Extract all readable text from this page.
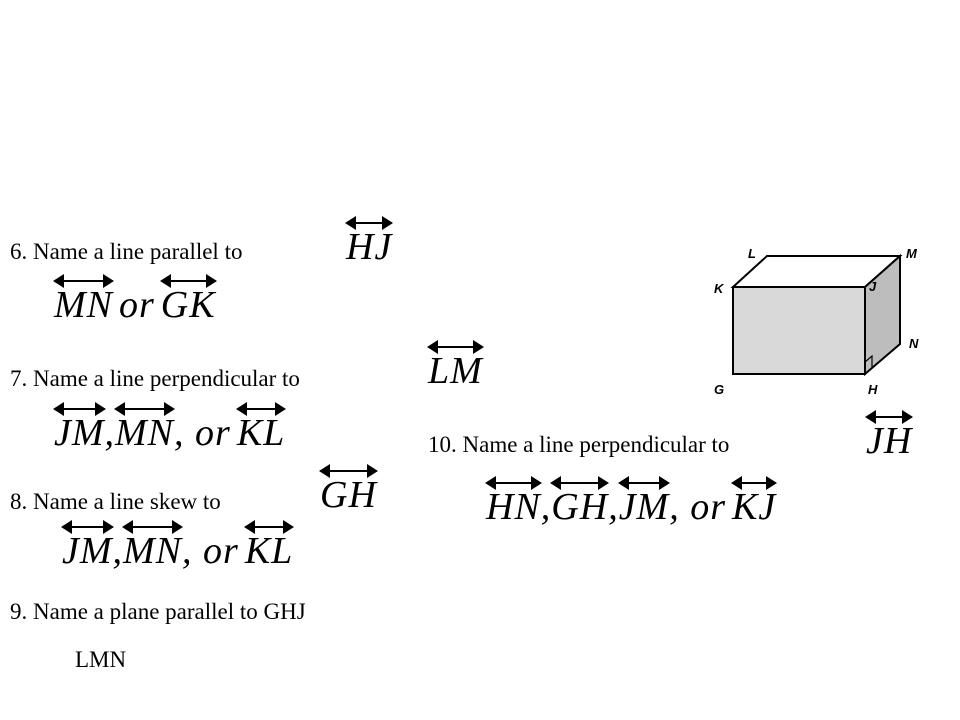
6. Name a line parallel to	HJ
MN or GK
7. Name a line perpendicular to	LM
JM,
MN, or KL
8. Name a line skew to	GH
JM,
MN, or KL
9. Name a plane parallel to GHJ
LMN
10. Name a line perpendicular to	JH
HN,
GH,
JM, or KJ
L	M
K	J
N
G	H
